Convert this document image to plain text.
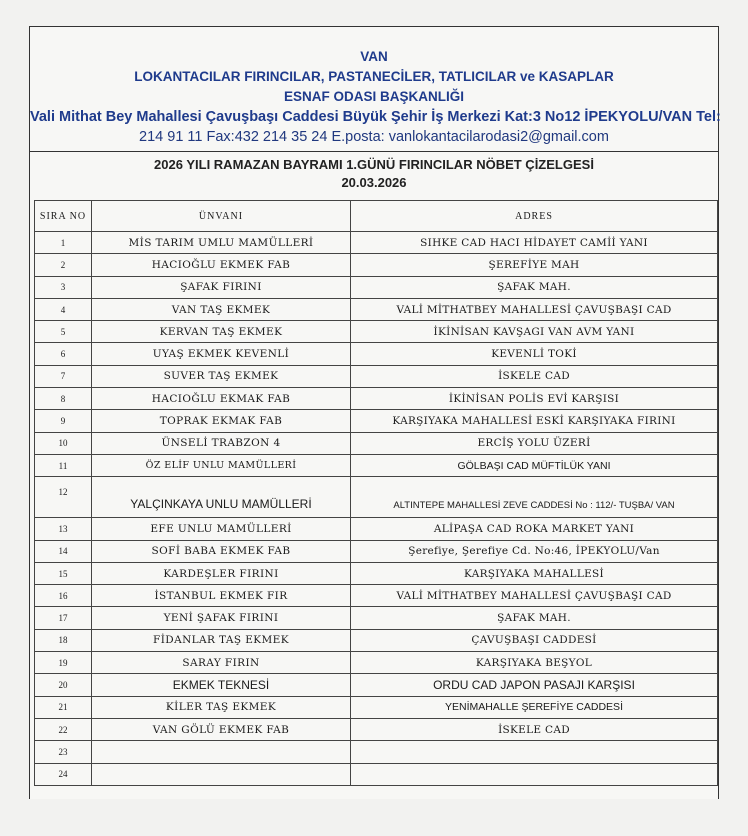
VAN
LOKANTACILAR FIRINCILAR, PASTANECİLER, TATLICILAR ve KASAPLAR
ESNAF ODASI BAŞKANLIĞI
Vali Mithat Bey Mahallesi Çavuşbaşı Caddesi Büyük Şehir İş Merkezi Kat:3 No12 İPEKYOLU/VAN Tel:
214 91 11 Fax:432 214 35 24 E.posta: vanlokantacilarodasi2@gmail.com
2026 YILI RAMAZAN BAYRAMI 1.GÜNÜ FIRINCILAR NÖBET ÇİZELGESİ
20.03.2026
SIRA NO	ÜNVANI	ADRES
1	MİS TARIM UMLU MAMÜLLERİ	SIHKE CAD HACI HİDAYET CAMİİ YANI
2	HACIOĞLU EKMEK FAB	ŞEREFİYE MAH
3	ŞAFAK FIRINI	ŞAFAK MAH.
4	VAN TAŞ EKMEK	VALİ MİTHATBEY MAHALLESİ ÇAVUŞBAŞI CAD
5	KERVAN TAŞ EKMEK	İKİNİSAN KAVŞAGI VAN AVM YANI
6	UYAŞ EKMEK KEVENLİ	KEVENLİ TOKİ
7	SUVER TAŞ EKMEK	İSKELE CAD
8	HACIOĞLU EKMAK FAB	İKİNİSAN POLİS EVİ KARŞISI
9	TOPRAK EKMAK FAB	KARŞIYAKA MAHALLESİ ESKİ KARŞIYAKA FIRINI
10	ÜNSELİ TRABZON 4	ERCİŞ YOLU ÜZERİ
11	ÖZ ELİF UNLU MAMÜLLERİ	GÖLBAŞI CAD MÜFTİLÜK YANI
12	YALÇINKAYA UNLU MAMÜLLERİ	ALTINTEPE MAHALLESİ ZEVE CADDESİ No : 112/- TUŞBA/ VAN
13	EFE UNLU MAMÜLLERİ	ALİPAŞA CAD ROKA MARKET YANI
14	SOFİ BABA EKMEK FAB	Şerefiye, Şerefiye Cd. No:46, İPEKYOLU/Van
15	KARDEŞLER FIRINI	KARŞIYAKA MAHALLESİ
16	İSTANBUL EKMEK FIR	VALİ MİTHATBEY MAHALLESİ ÇAVUŞBAŞI CAD
17	YENİ ŞAFAK FIRINI	ŞAFAK MAH.
18	FİDANLAR TAŞ EKMEK	ÇAVUŞBAŞI CADDESİ
19	SARAY FIRIN	KARŞIYAKA BEŞYOL
20	EKMEK TEKNESİ	ORDU CAD JAPON PASAJI KARŞISI
21	KİLER TAŞ EKMEK	YENİMAHALLE ŞEREFİYE CADDESİ
22	VAN GÖLÜ EKMEK FAB	İSKELE CAD
23		
24		
